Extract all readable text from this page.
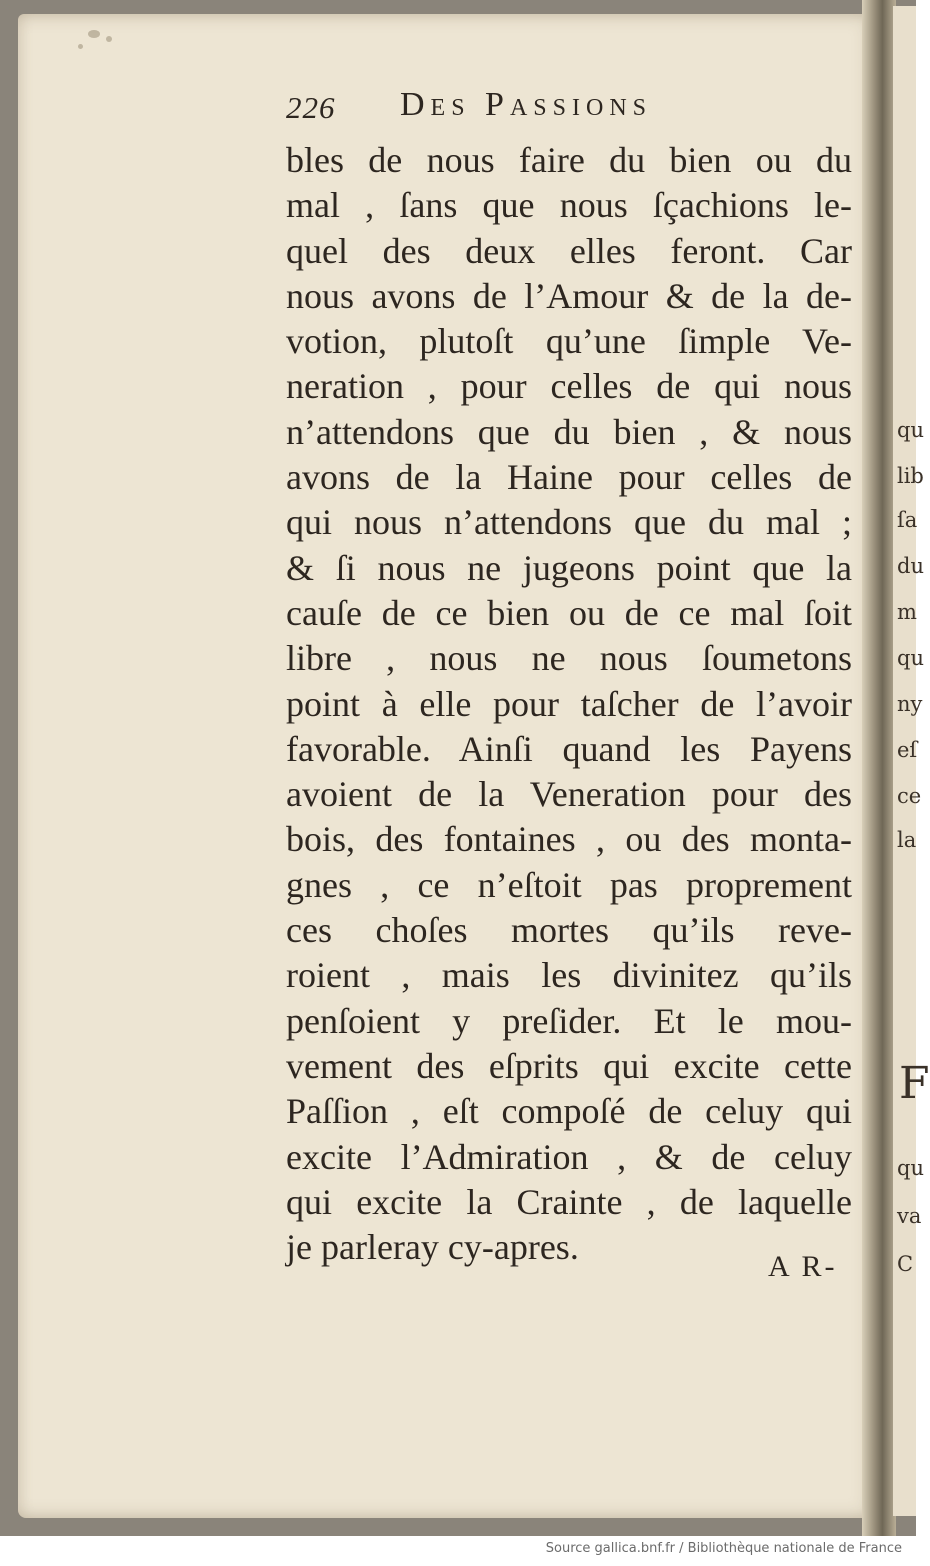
qu
lib
ſa
du
m
qu
ny
eſ
ce
la
F
qu
va
C
226 Des Passions
bles de nous faire du bien ou du
mal , ſans que nous ſçachions le-
quel des deux elles feront. Car
nous avons de l’Amour & de la de-
votion, plutoſt qu’une ſimple Ve-
neration , pour celles de qui nous
n’attendons que du bien , & nous
avons de la Haine pour celles de
qui nous n’attendons que du mal ;
& ſi nous ne jugeons point que la
cauſe de ce bien ou de ce mal ſoit
libre , nous ne nous ſoumetons
point à elle pour taſcher de l’avoir
favorable. Ainſi quand les Payens
avoient de la Veneration pour des
bois, des fontaines , ou des monta-
gnes , ce n’eſtoit pas proprement
ces choſes mortes qu’ils reve-
roient , mais les divinitez qu’ils
penſoient y preſider. Et le mou-
vement des eſprits qui excite cette
Paſſion , eſt compoſé de celuy qui
excite l’Admiration , & de celuy
qui excite la Crainte , de laquelle
je parleray cy-apres.	A R-
Source gallica.bnf.fr / Bibliothèque nationale de France
